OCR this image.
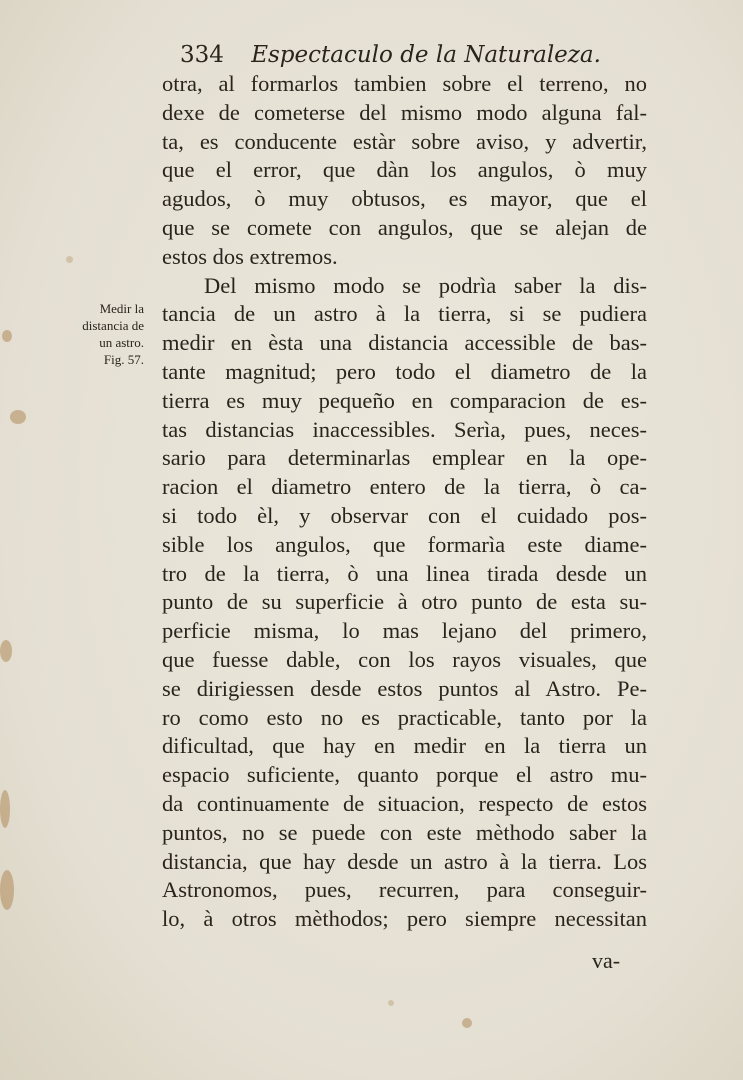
334 Espectaculo de la Naturaleza.
Medir la
distancia de
un astro.
Fig. 57.
otra, al formarlos tambien sobre el terreno, no
dexe de cometerse del mismo modo alguna fal-
ta, es conducente estàr sobre aviso, y advertir,
que el error, que dàn los angulos, ò muy
agudos, ò muy obtusos, es mayor, que el
que se comete con angulos, que se alejan de
estos dos extremos.
Del mismo modo se podrìa saber la dis-
tancia de un astro à la tierra, si se pudiera
medir en èsta una distancia accessible de bas-
tante magnitud; pero todo el diametro de la
tierra es muy pequeño en comparacion de es-
tas distancias inaccessibles. Serìa, pues, neces-
sario para determinarlas emplear en la ope-
racion el diametro entero de la tierra, ò ca-
si todo èl, y observar con el cuidado pos-
sible los angulos, que formarìa este diame-
tro de la tierra, ò una linea tirada desde un
punto de su superficie à otro punto de esta su-
perficie misma, lo mas lejano del primero,
que fuesse dable, con los rayos visuales, que
se dirigiessen desde estos puntos al Astro. Pe-
ro como esto no es practicable, tanto por la
dificultad, que hay en medir en la tierra un
espacio suficiente, quanto porque el astro mu-
da continuamente de situacion, respecto de estos
puntos, no se puede con este mèthodo saber la
distancia, que hay desde un astro à la tierra. Los
Astronomos, pues, recurren, para conseguir-
lo, à otros mèthodos; pero siempre necessitan
va-
